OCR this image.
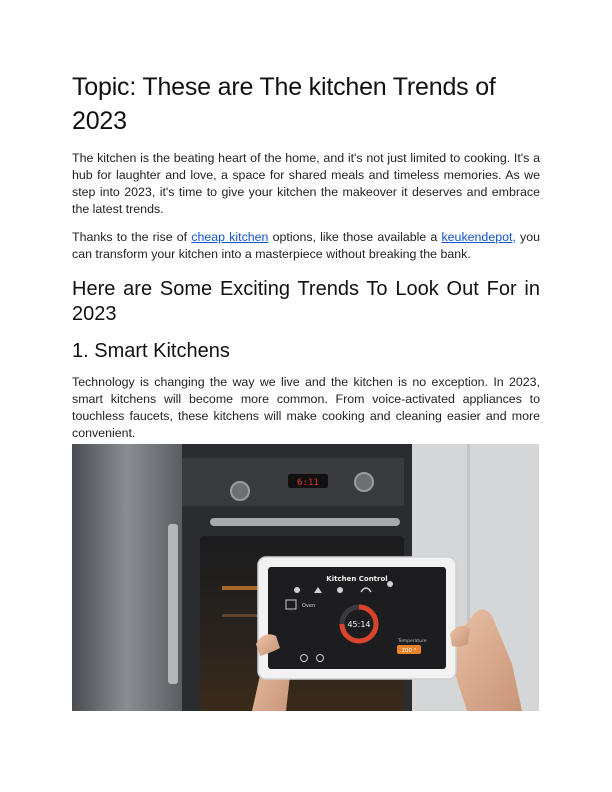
Topic: These are The kitchen Trends of 2023

The kitchen is the beating heart of the home, and it's not just limited to cooking. It's a hub for laughter and love, a space for shared meals and timeless memories. As we step into 2023, it's time to give your kitchen the makeover it deserves and embrace the latest trends.

Thanks to the rise of cheap kitchen options, like those available a keukendepot, you can transform your kitchen into a masterpiece without breaking the bank.

Here are Some Exciting Trends To Look Out For in 2023
1. Smart Kitchens

Technology is changing the way we live and the kitchen is no exception. In 2023, smart kitchens will become more common. From voice-activated appliances to touchless faucets, these kitchens will make cooking and cleaning easier and more convenient.

6:11
Kitchen Control
Oven
45:14
Temperature
200 °
